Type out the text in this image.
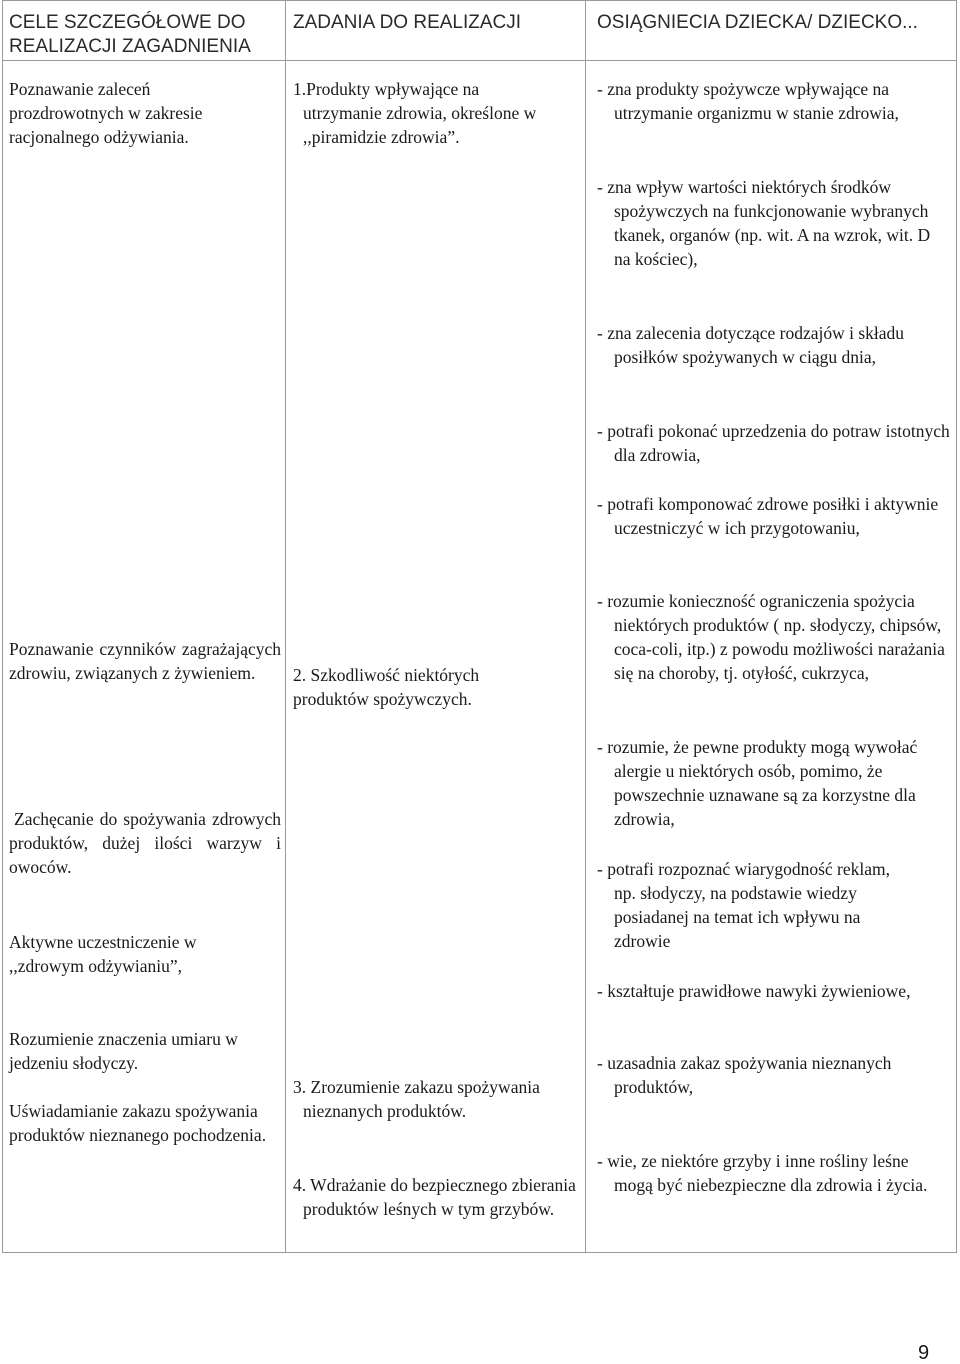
CELE SZCZEGÓŁOWE DO REALIZACJI ZAGADNIENIA
ZADANIA DO REALIZACJI	OSIĄGNIECIA DZIECKA/ DZIECKO...
Poznawanie zaleceń prozdrowotnych w zakresie racjonalnego odżywiania.
Poznawanie czynników zagrażających zdrowiu, związanych z żywieniem.
Zachęcanie do spożywania zdrowych produktów, dużej ilości warzyw i owoców.
Aktywne uczestniczenie w ,,zdrowym odżywianiu”,
Rozumienie znaczenia umiaru w jedzeniu słodyczy.
Uświadamianie zakazu spożywania produktów nieznanego pochodzenia.
1.Produkty wpływające na utrzymanie zdrowia, określone w ,,piramidzie zdrowia”.
2. Szkodliwość niektórych produktów spożywczych.
3. Zrozumienie zakazu spożywania nieznanych produktów.
4. Wdrażanie do bezpiecznego zbierania produktów leśnych w tym grzybów.
- zna produkty spożywcze wpływające na utrzymanie organizmu w stanie zdrowia,
- zna wpływ wartości niektórych środków spożywczych na funkcjonowanie wybranych tkanek, organów (np. wit. A na wzrok, wit. D na kościec),
- zna zalecenia dotyczące rodzajów i składu posiłków spożywanych w ciągu dnia,
- potrafi pokonać uprzedzenia do potraw istotnych dla zdrowia,
- potrafi komponować zdrowe posiłki i aktywnie uczestniczyć w ich przygotowaniu,
- rozumie konieczność ograniczenia spożycia niektórych produktów ( np. słodyczy, chipsów, coca-coli, itp.) z powodu możliwości narażania się na choroby, tj. otyłość, cukrzyca,
- rozumie, że pewne produkty mogą wywołać alergie u niektórych osób, pomimo, że powszechnie uznawane są za korzystne dla zdrowia,
- potrafi rozpoznać wiarygodność reklam, np. słodyczy, na podstawie wiedzy posiadanej na temat ich wpływu na zdrowie
- kształtuje prawidłowe nawyki żywieniowe,
- uzasadnia zakaz spożywania nieznanych produktów,
- wie, ze niektóre grzyby i inne rośliny leśne mogą być niebezpieczne dla zdrowia i życia.
9
